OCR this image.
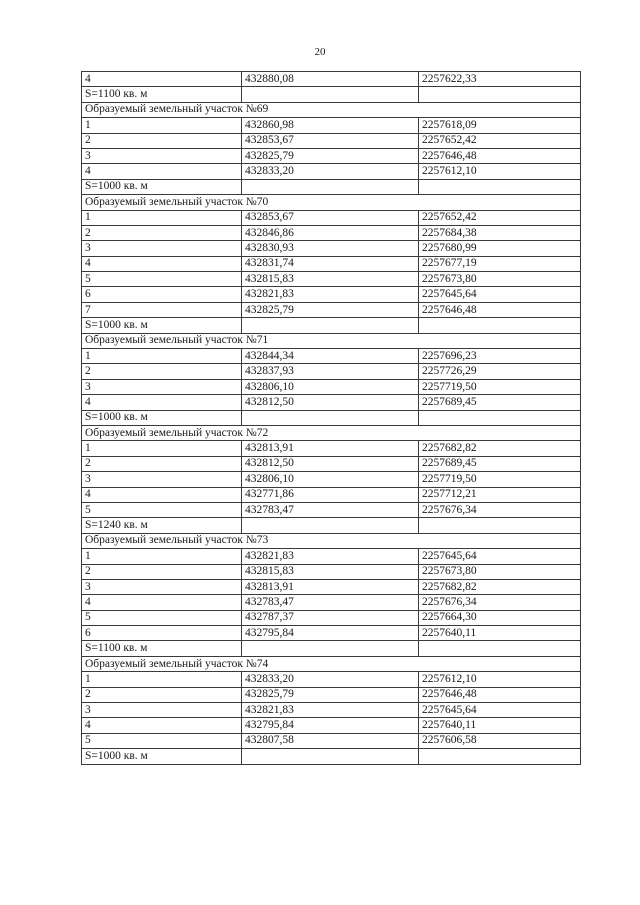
20
4	432880,08	2257622,33
S=1100 кв. м		
Образуемый земельный участок №69		
1	432860,98	2257618,09
2	432853,67	2257652,42
3	432825,79	2257646,48
4	432833,20	2257612,10
S=1000 кв. м		
Образуемый земельный участок №70		
1	432853,67	2257652,42
2	432846,86	2257684,38
3	432830,93	2257680,99
4	432831,74	2257677,19
5	432815,83	2257673,80
6	432821,83	2257645,64
7	432825,79	2257646,48
S=1000 кв. м		
Образуемый земельный участок №71		
1	432844,34	2257696,23
2	432837,93	2257726,29
3	432806,10	2257719,50
4	432812,50	2257689,45
S=1000 кв. м		
Образуемый земельный участок №72		
1	432813,91	2257682,82
2	432812,50	2257689,45
3	432806,10	2257719,50
4	432771,86	2257712,21
5	432783,47	2257676,34
S=1240 кв. м		
Образуемый земельный участок №73		
1	432821,83	2257645,64
2	432815,83	2257673,80
3	432813,91	2257682,82
4	432783,47	2257676,34
5	432787,37	2257664,30
6	432795,84	2257640,11
S=1100 кв. м		
Образуемый земельный участок №74		
1	432833,20	2257612,10
2	432825,79	2257646,48
3	432821,83	2257645,64
4	432795,84	2257640,11
5	432807,58	2257606,58
S=1000 кв. м		
